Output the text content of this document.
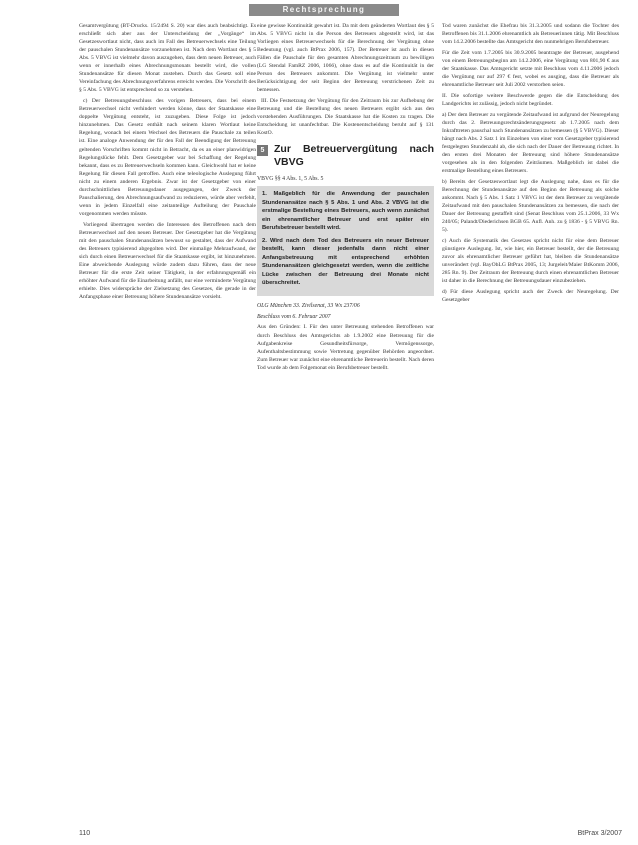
Rechtsprechung

Gesamtvergütung (BT-Drucks. 15/2494 S. 20) war dies auch beabsichtigt. Es erschließt sich aber aus der Unterscheidung der „Vorgänge“ im Gesetzeswortlaut nicht, dass auch im Fall des Betreuerwechsels eine Teilung der pauschalen Stundenansätze vorzunehmen ist. Nach dem Wortlaut des § 5 Abs. 5 VBVG ist vielmehr davon auszugehen, dass dem neuen Betreuer, auch wenn er innerhalb eines Abrechnungsmonats bestellt wird, die vollen Stundenansätze für diesen Monat zustehen. Durch das Gesetz soll eine Vereinfachung des Abrechnungsverfahrens erreicht werden. Die Vorschrift des § 5 Abs. 5 VBVG ist entsprechend so zu verstehen.

c) Der Betreuungsbeschluss des vorigen Betreuers, dass bei einem Betreuerwechsel nicht verhindert werden könne, dass der Staatskasse eine doppelte Vergütung entsteht, ist zuzugeben. Diese Folge ist jedoch hinzunehmen. Das Gesetz enthält nach seinem klaren Wortlaut keine Regelung, wonach bei einem Wechsel des Betreuers die Pauschale zu teilen ist. Eine analoge Anwendung der für den Fall der Beendigung der Betreuung geltenden Vorschriften kommt nicht in Betracht, da es an einer planwidrigen Regelungslücke fehlt. Dem Gesetzgeber war bei Schaffung der Regelung bekannt, dass es zu Betreuerwechseln kommen kann. Gleichwohl hat er keine Regelung für diesen Fall getroffen. Auch eine teleologische Auslegung führt nicht zu einem anderen Ergebnis. Zwar ist der Gesetzgeber von einer durchschnittlichen Betreuungsdauer ausgegangen, der Zweck der Pauschalierung, den Abrechnungsaufwand zu reduzieren, würde aber verfehlt, wenn in jedem Einzelfall eine zeitanteilige Aufteilung der Pauschale vorgenommen werden müsste.

Vorliegend übertragen werden die Interessen des Betroffenen nach dem Betreuerwechsel auf den neuen Betreuer. Der Gesetzgeber hat die Vergütung mit den pauschalen Stundenansätzen bewusst so gestaltet, dass der Aufwand des Betreuers typisierend abgegolten wird. Der einmalige Mehraufwand, der sich durch einen Betreuerwechsel für die Staatskasse ergibt, ist hinzunehmen. Eine abweichende Auslegung würde zudem dazu führen, dass der neue Betreuer für die erste Zeit seiner Tätigkeit, in der erfahrungsgemäß ein erhöhter Aufwand für die Einarbeitung anfällt, nur eine verminderte Vergütung erhielte. Dies widerspräche der Zielsetzung des Gesetzes, die gerade in der Anfangsphase einer Betreuung höhere Stundenansätze vorsieht.

eine gewisse Kontinuität gewahrt ist. Da mit dem geänderten Wortlaut des § 5 Abs. 5 VBVG nicht in die Person des Betreuers abgestellt wird, ist das Vorliegen eines Betreuerwechsels für die Berechnung der Vergütung ohne Bedeutung (vgl. auch BtPrax 2006, 157). Der Betreuer ist auch in diesen Fällen die Pauschale für den gesamten Abrechnungszeitraum zu bewilligen (LG Stendal FamRZ 2006, 1066), ohne dass es auf die Kontinuität in der Person des Betreuers ankommt. Die Vergütung ist vielmehr unter Berücksichtigung der seit Beginn der Betreuung verstrichenen Zeit zu bemessen.

III. Die Festsetzung der Vergütung für den Zeitraum bis zur Aufhebung der Betreuung und die Bestellung des neuen Betreuers ergibt sich aus den vorstehenden Ausführungen. Die Staatskasse hat die Kosten zu tragen. Die Entscheidung ist unanfechtbar. Die Kostenentscheidung beruht auf § 131 KostO.

5 Zur Betreuervergütung nach VBVG

VBVG §§ 4 Abs. 1, 5 Abs. 5

1. Maßgeblich für die Anwendung der pauschalen Stundenansätze nach § 5 Abs. 1 und Abs. 2 VBVG ist die erstmalige Bestellung eines Betreuers, auch wenn zunächst ein ehrenamtlicher Betreuer und erst später ein Berufsbetreuer bestellt wird.

2. Wird nach dem Tod des Betreuers ein neuer Betreuer bestellt, kann dieser jedenfalls dann nicht einer Anfangsbetreuung mit entsprechend erhöhten Stundenansätzen gleichgesetzt werden, wenn die zeitliche Lücke zwischen der Betreuung drei Monate nicht überschreitet.

OLG München 33. Zivilsenat, 33 Wx 237/06

Beschluss vom 6. Februar 2007

Aus den Gründen: I. Für den unter Betreuung stehenden Betroffenen war durch Beschluss des Amtsgerichts ab 1.9.2002 eine Betreuung für die Aufgabenkreise Gesundheitsfürsorge, Vermögenssorge, Aufenthaltsbestimmung sowie Vertretung gegenüber Behörden angeordnet. Zum Betreuer war zunächst eine ehrenamtliche Betreuerin bestellt. Nach deren Tod wurde ab dem Folgemonat ein Berufsbetreuer bestellt.

Tod waren zunächst die Ehefrau bis 31.3.2005 und sodann die Tochter des Betroffenen bis 31.1.2006 ehrenamtlich als Betreuerinnen tätig. Mit Beschluss vom 14.2.2006 bestellte das Amtsgericht den nunmehrigen Berufsbetreuer.

Für die Zeit vom 1.7.2005 bis 30.9.2005 beantragte der Betreuer, ausgehend von einem Betreuungsbeginn am 14.2.2006, eine Vergütung von 801,90 € aus der Staatskasse. Das Amtsgericht setzte mit Beschluss vom 4.11.2006 jedoch die Vergütung nur auf 297 € fest, wobei es ausging, dass die Betreuer als ehrenamtliche Betreuer seit Juli 2002 verstorben seien.

II. Die sofortige weitere Beschwerde gegen die die Entscheidung des Landgerichts ist zulässig, jedoch nicht begründet.

a) Der dem Betreuer zu vergütende Zeitaufwand ist aufgrund der Neuregelung durch das 2. Betreuungsrechtsänderungsgesetz ab 1.7.2005 nach dem Inkrafttreten pauschal nach Stundenansätzen zu bemessen (§ 5 VBVG). Dieser hängt nach Abs. 2 Satz 1 im Einzelnen von einer vom Gesetzgeber typisierend festgelegten Stundenzahl ab, die sich nach der Dauer der Betreuung richtet. In den ersten drei Monaten der Betreuung sind höhere Stundenansätze vorgesehen als in den folgenden Zeiträumen. Maßgeblich ist dabei die erstmalige Bestellung eines Betreuers.

b) Bereits der Gesetzeswortlaut legt die Auslegung nahe, dass es für die Berechnung der Stundenansätze auf den Beginn der Betreuung als solche ankommt. Nach § 5 Abs. 1 Satz 1 VBVG ist der dem Betreuer zu vergütende Zeitaufwand mit den pauschalen Stundenansätzen zu bemessen, die nach der Dauer der Betreuung gestaffelt sind (Senat Beschluss vom 25.1.2006, 33 Wx 240/05; Palandt/Diederichsen BGB 65. Aufl. Anh. zu § 1836 - § 5 VBVG Rn. 5).

c) Auch die Systematik des Gesetzes spricht nicht für eine dem Betreuer günstigere Auslegung. Ist, wie hier, ein Betreuer bestellt, der die Betreuung zuvor als ehrenamtlicher Betreuer geführt hat, bleiben die Stundenansätze unverändert (vgl. BayObLG BtPrax 2005, 13; Jurgeleit/Maier BtKomm 2006, 285 Rn. 9). Der Zeitraum der Betreuung durch einen ehrenamtlichen Betreuer ist daher in die Berechnung der Betreuungsdauer einzubeziehen.

d) Für diese Auslegung spricht auch der Zweck der Neuregelung. Der Gesetzgeber

110	BtPrax 3/2007
